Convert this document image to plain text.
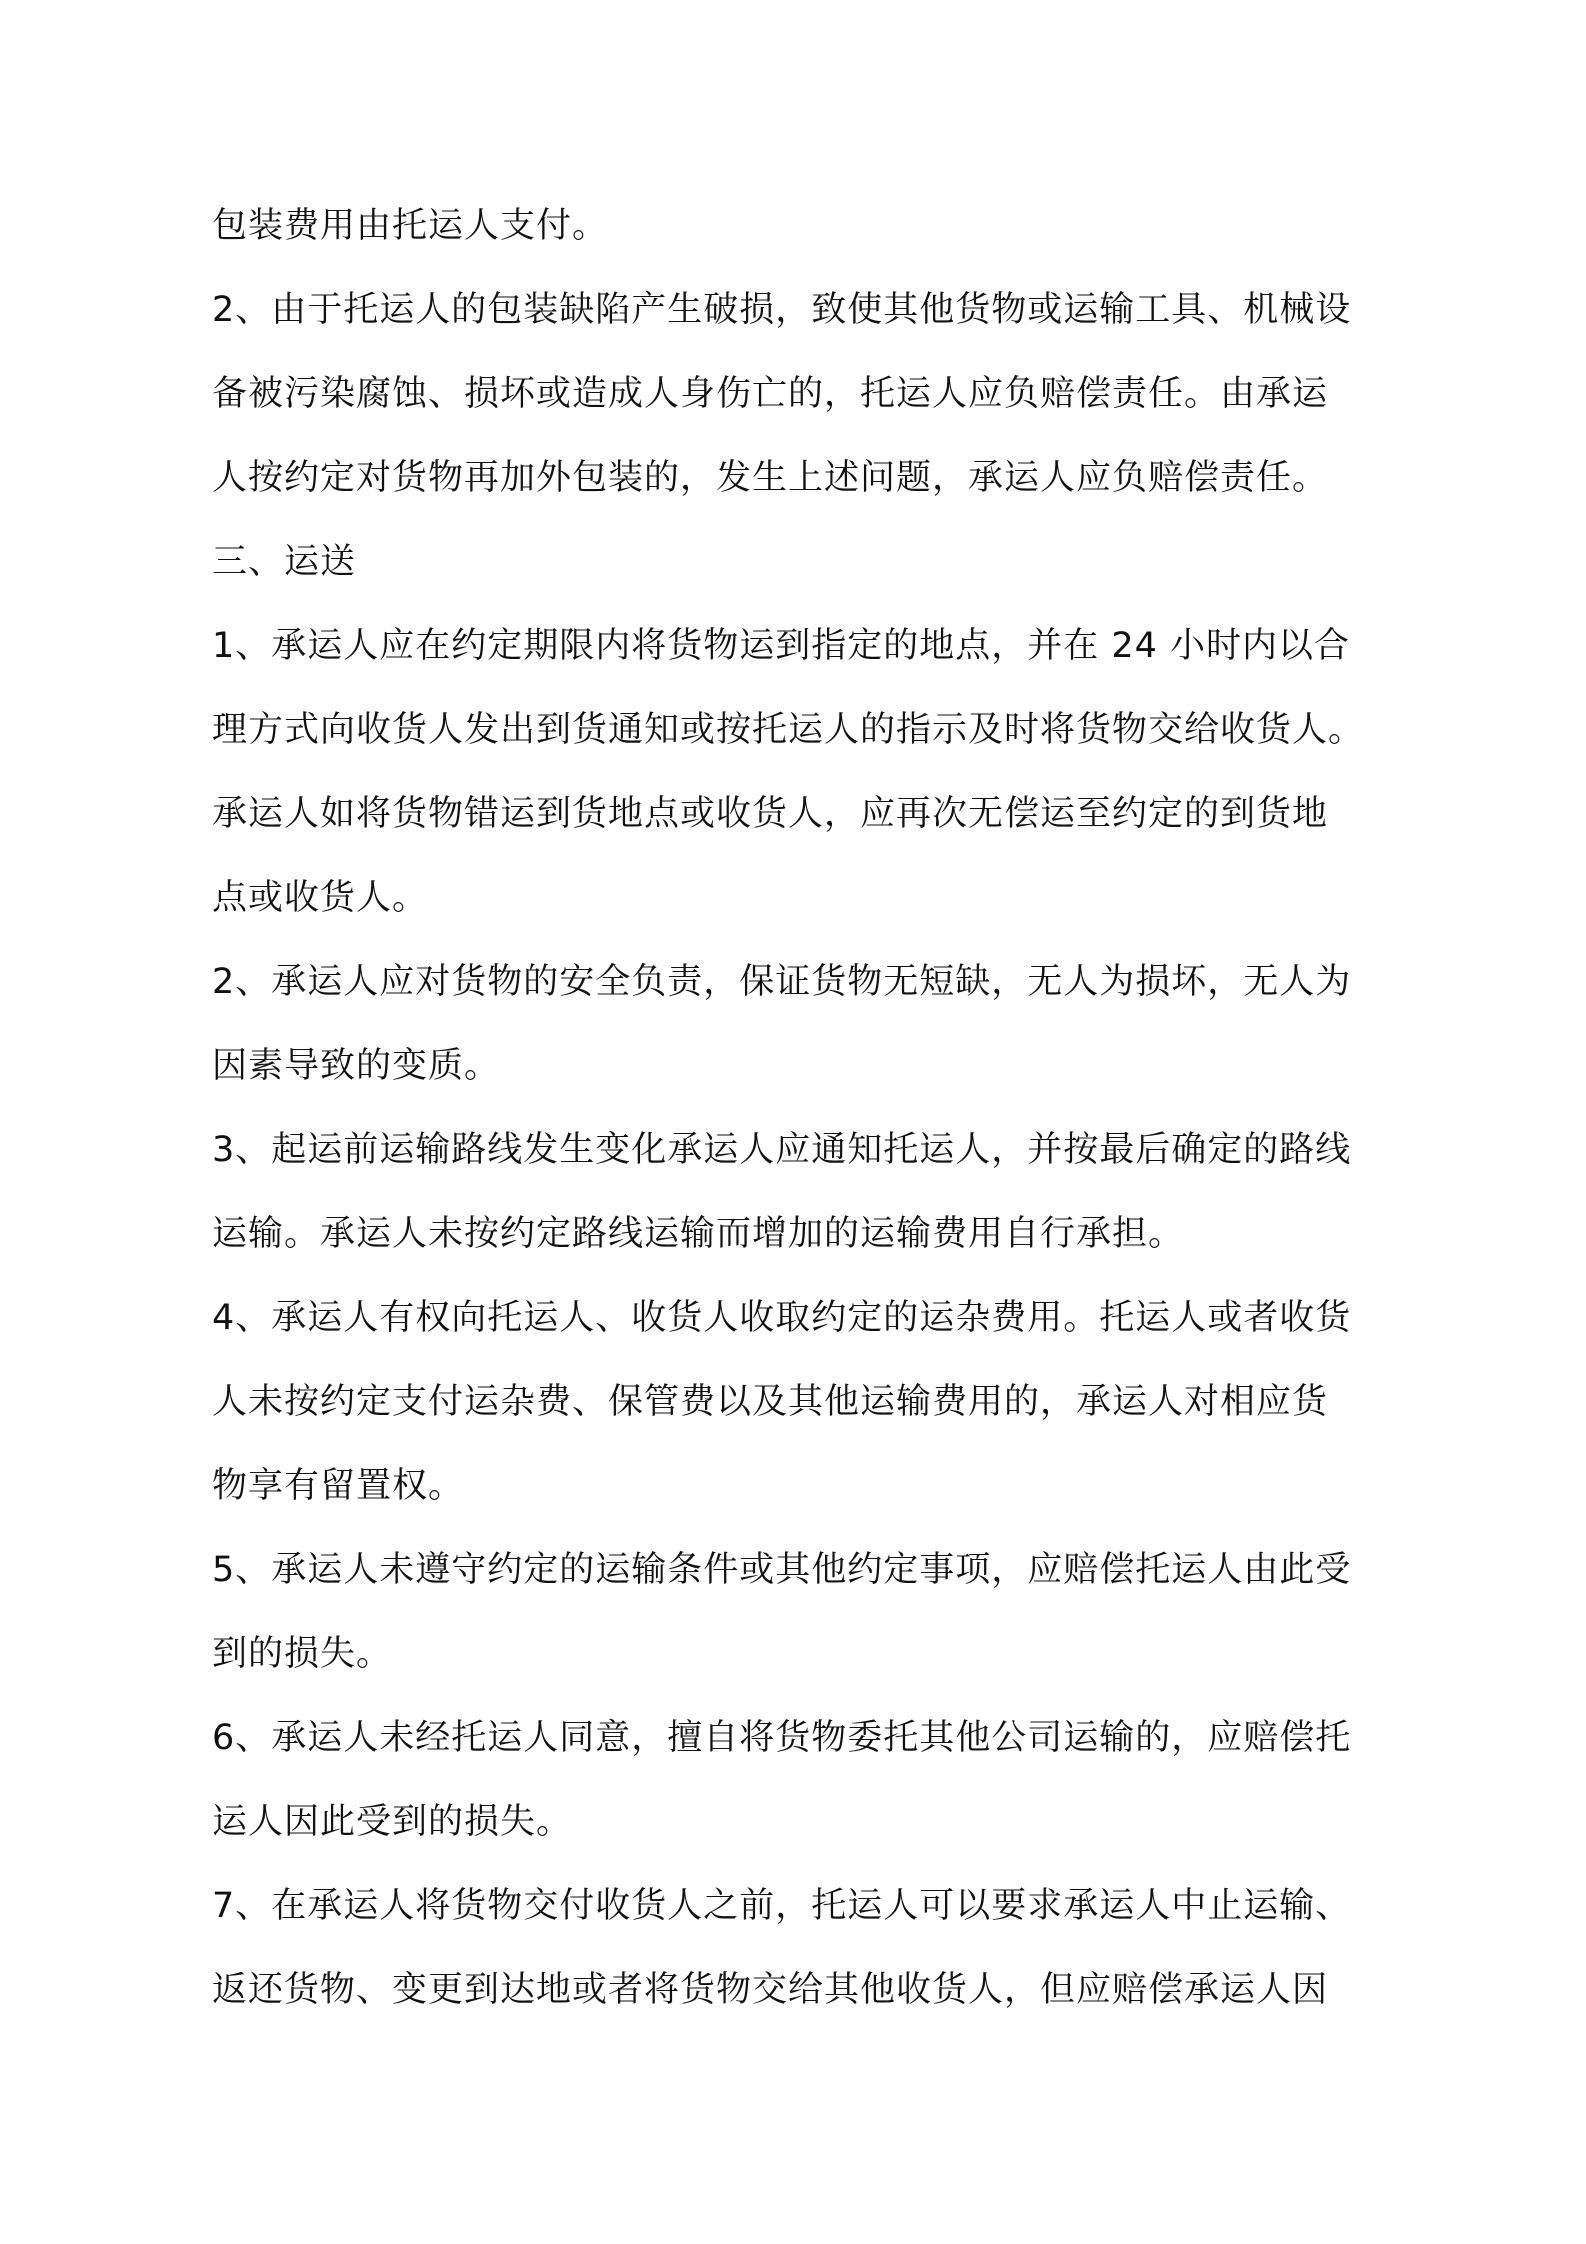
包装费用由托运人支付。
2、由于托运人的包装缺陷产生破损，致使其他货物或运输工具、机械设
备被污染腐蚀、损坏或造成人身伤亡的，托运人应负赔偿责任。由承运
人按约定对货物再加外包装的，发生上述问题，承运人应负赔偿责任。
三、运送
1、承运人应在约定期限内将货物运到指定的地点，并在 24 小时内以合
理方式向收货人发出到货通知或按托运人的指示及时将货物交给收货人。
承运人如将货物错运到货地点或收货人，应再次无偿运至约定的到货地
点或收货人。
2、承运人应对货物的安全负责，保证货物无短缺，无人为损坏，无人为
因素导致的变质。
3、起运前运输路线发生变化承运人应通知托运人，并按最后确定的路线
运输。承运人未按约定路线运输而增加的运输费用自行承担。
4、承运人有权向托运人、收货人收取约定的运杂费用。托运人或者收货
人未按约定支付运杂费、保管费以及其他运输费用的，承运人对相应货
物享有留置权。
5、承运人未遵守约定的运输条件或其他约定事项，应赔偿托运人由此受
到的损失。
6、承运人未经托运人同意，擅自将货物委托其他公司运输的，应赔偿托
运人因此受到的损失。
7、在承运人将货物交付收货人之前，托运人可以要求承运人中止运输、
返还货物、变更到达地或者将货物交给其他收货人，但应赔偿承运人因
